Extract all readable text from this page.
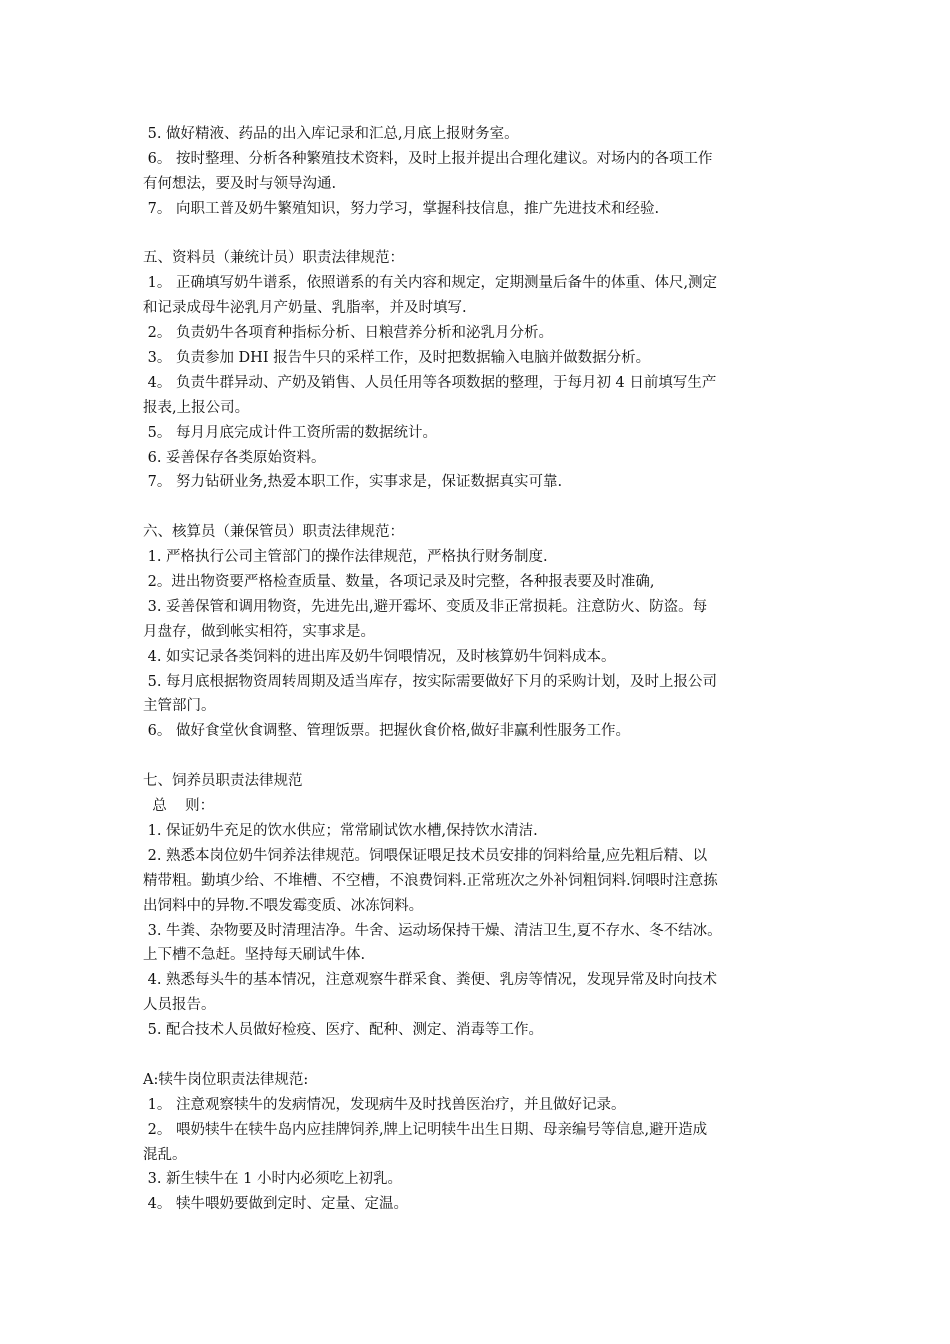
5. 做好精液、药品的出入库记录和汇总,月底上报财务室。
6。 按时整理、分析各种繁殖技术资料，及时上报并提出合理化建议。对场内的各项工作
有何想法，要及时与领导沟通.
7。 向职工普及奶牛繁殖知识，努力学习，掌握科技信息，推广先进技术和经验.
五、资料员（兼统计员）职责法律规范：
1。 正确填写奶牛谱系，依照谱系的有关内容和规定，定期测量后备牛的体重、体尺,测定
和记录成母牛泌乳月产奶量、乳脂率，并及时填写.
2。 负责奶牛各项育种指标分析、日粮营养分析和泌乳月分析。
3。 负责参加 DHI 报告牛只的采样工作，及时把数据输入电脑并做数据分析。
4。 负责牛群异动、产奶及销售、人员任用等各项数据的整理，于每月初 4 日前填写生产
报表,上报公司。
5。 每月月底完成计件工资所需的数据统计。
6. 妥善保存各类原始资料。
7。 努力钻研业务,热爱本职工作，实事求是，保证数据真实可靠.
六、核算员（兼保管员）职责法律规范：
1. 严格执行公司主管部门的操作法律规范，严格执行财务制度.
2。进出物资要严格检查质量、数量，各项记录及时完整，各种报表要及时准确,
3. 妥善保管和调用物资，先进先出,避开霉坏、变质及非正常损耗。注意防火、防盗。每
月盘存，做到帐实相符，实事求是。
4. 如实记录各类饲料的进出库及奶牛饲喂情况，及时核算奶牛饲料成本。
5. 每月底根据物资周转周期及适当库存，按实际需要做好下月的采购计划，及时上报公司
主管部门。
6。 做好食堂伙食调整、管理饭票。把握伙食价格,做好非赢利性服务工作。
七、饲养员职责法律规范
总    则：
1. 保证奶牛充足的饮水供应；常常刷试饮水槽,保持饮水清洁.
2. 熟悉本岗位奶牛饲养法律规范。饲喂保证喂足技术员安排的饲料给量,应先粗后精、以
精带粗。勤填少给、不堆槽、不空槽，不浪费饲料.正常班次之外补饲粗饲料.饲喂时注意拣
出饲料中的异物.不喂发霉变质、冰冻饲料。
3. 牛粪、杂物要及时清理洁净。牛舍、运动场保持干燥、清洁卫生,夏不存水、冬不结冰。
上下槽不急赶。坚持每天刷试牛体.
4. 熟悉每头牛的基本情况，注意观察牛群采食、粪便、乳房等情况，发现异常及时向技术
人员报告。
5. 配合技术人员做好检疫、医疗、配种、测定、消毒等工作。
A:犊牛岗位职责法律规范:
1。 注意观察犊牛的发病情况，发现病牛及时找兽医治疗，并且做好记录。
2。 喂奶犊牛在犊牛岛内应挂牌饲养,牌上记明犊牛出生日期、母亲编号等信息,避开造成
混乱。
3. 新生犊牛在 1 小时内必须吃上初乳。
4。 犊牛喂奶要做到定时、定量、定温。
